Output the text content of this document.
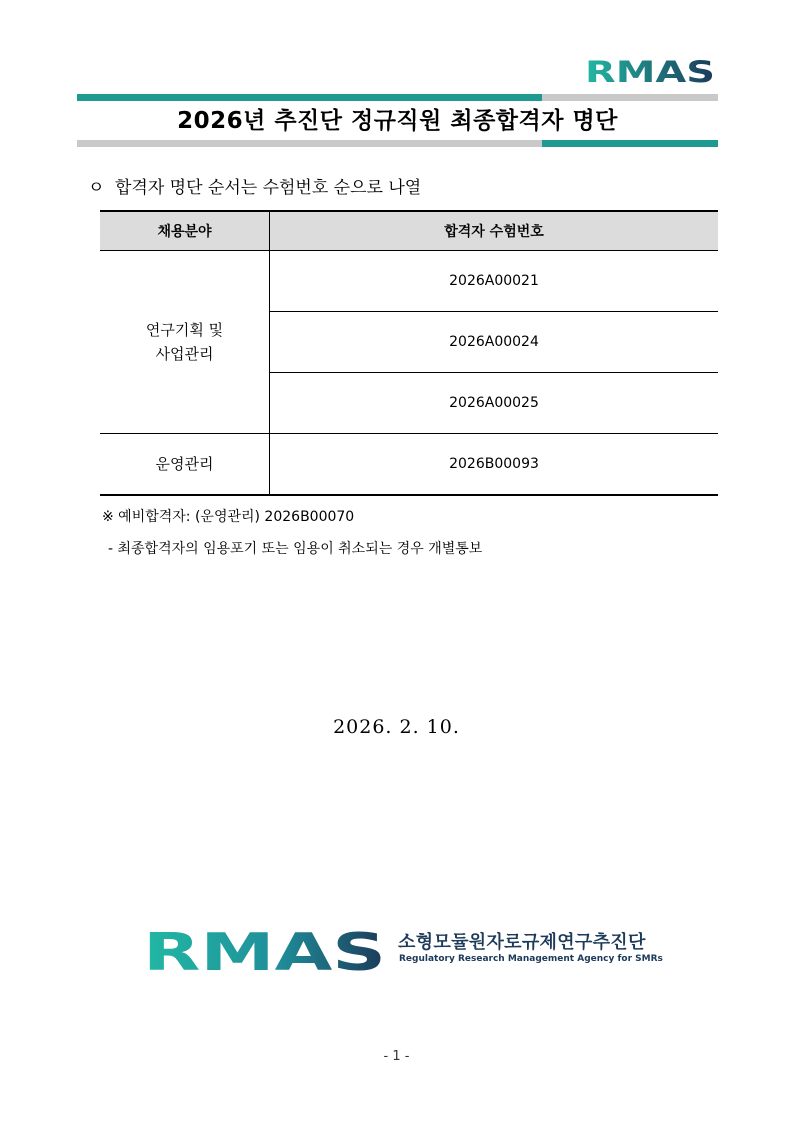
RMAS
2026년 추진단 정규직원 최종합격자 명단
ㅇ 합격자 명단 순서는 수험번호 순으로 나열
채용분야	합격자 수험번호
연구기획 및
사업관리	2026A00021
	2026A00024
	2026A00025
운영관리	2026B00093
※ 예비합격자: (운영관리) 2026B00070
- 최종합격자의 임용포기 또는 임용이 취소되는 경우 개별통보
2026. 2. 10.
RMAS 소형모듈원자로규제연구추진단
Regulatory Research Management Agency for SMRs
- 1 -
